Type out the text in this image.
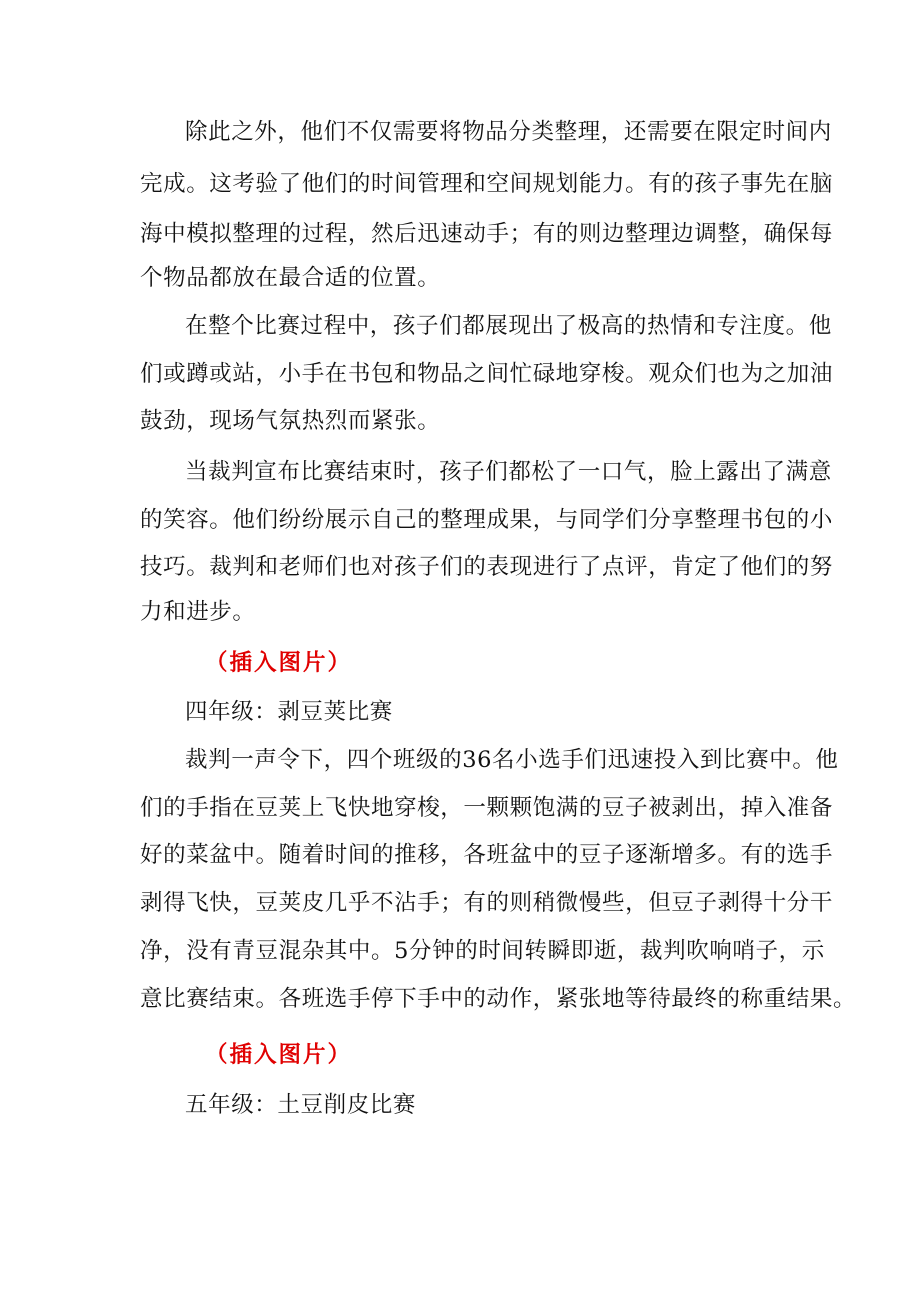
除此之外，他们不仅需要将物品分类整理，还需要在限定时间内
完成。这考验了他们的时间管理和空间规划能力。有的孩子事先在脑
海中模拟整理的过程，然后迅速动手；有的则边整理边调整，确保每
个物品都放在最合适的位置。
在整个比赛过程中，孩子们都展现出了极高的热情和专注度。他
们或蹲或站，小手在书包和物品之间忙碌地穿梭。观众们也为之加油
鼓劲，现场气氛热烈而紧张。
当裁判宣布比赛结束时，孩子们都松了一口气，脸上露出了满意
的笑容。他们纷纷展示自己的整理成果，与同学们分享整理书包的小
技巧。裁判和老师们也对孩子们的表现进行了点评，肯定了他们的努
力和进步。
（插入图片）
四年级：剥豆荚比赛
裁判一声令下，四个班级的36名小选手们迅速投入到比赛中。他
们的手指在豆荚上飞快地穿梭，一颗颗饱满的豆子被剥出，掉入准备
好的菜盆中。随着时间的推移，各班盆中的豆子逐渐增多。有的选手
剥得飞快，豆荚皮几乎不沾手；有的则稍微慢些，但豆子剥得十分干
净，没有青豆混杂其中。5分钟的时间转瞬即逝，裁判吹响哨子，示
意比赛结束。各班选手停下手中的动作，紧张地等待最终的称重结果。
（插入图片）
五年级：土豆削皮比赛
